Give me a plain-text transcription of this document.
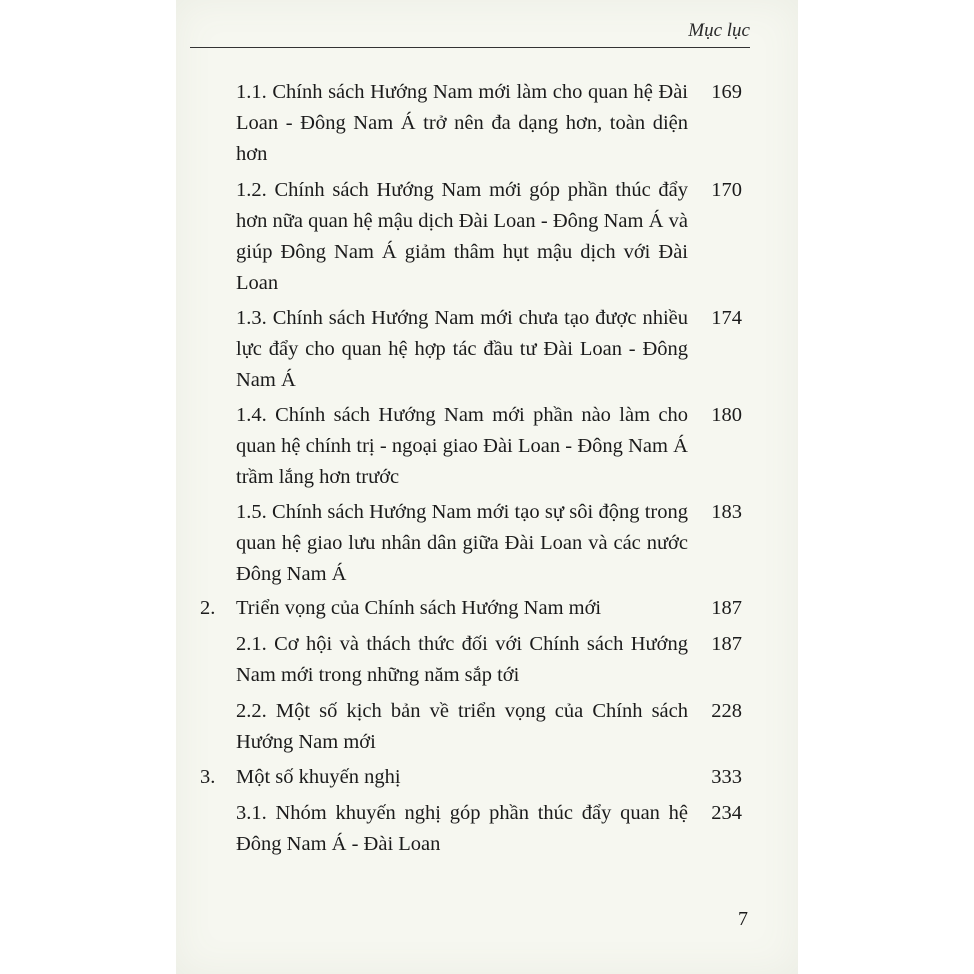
Mục lục
1.1. Chính sách Hướng Nam mới làm cho quan hệ Đài Loan - Đông Nam Á trở nên đa dạng hơn, toàn diện hơn
169
1.2. Chính sách Hướng Nam mới góp phần thúc đẩy hơn nữa quan hệ mậu dịch Đài Loan - Đông Nam Á và giúp Đông Nam Á giảm thâm hụt mậu dịch với Đài Loan
170
1.3. Chính sách Hướng Nam mới chưa tạo được nhiều lực đẩy cho quan hệ hợp tác đầu tư Đài Loan - Đông Nam Á
174
1.4. Chính sách Hướng Nam mới phần nào làm cho quan hệ chính trị - ngoại giao Đài Loan - Đông Nam Á trầm lắng hơn trước
180
1.5. Chính sách Hướng Nam mới tạo sự sôi động trong quan hệ giao lưu nhân dân giữa Đài Loan và các nước Đông Nam Á
183
2. Triển vọng của Chính sách Hướng Nam mới	187
2.1. Cơ hội và thách thức đối với Chính sách Hướng Nam mới trong những năm sắp tới
187
2.2. Một số kịch bản về triển vọng của Chính sách Hướng Nam mới
228
3. Một số khuyến nghị	333
3.1. Nhóm khuyến nghị góp phần thúc đẩy quan hệ Đông Nam Á - Đài Loan
234
7
